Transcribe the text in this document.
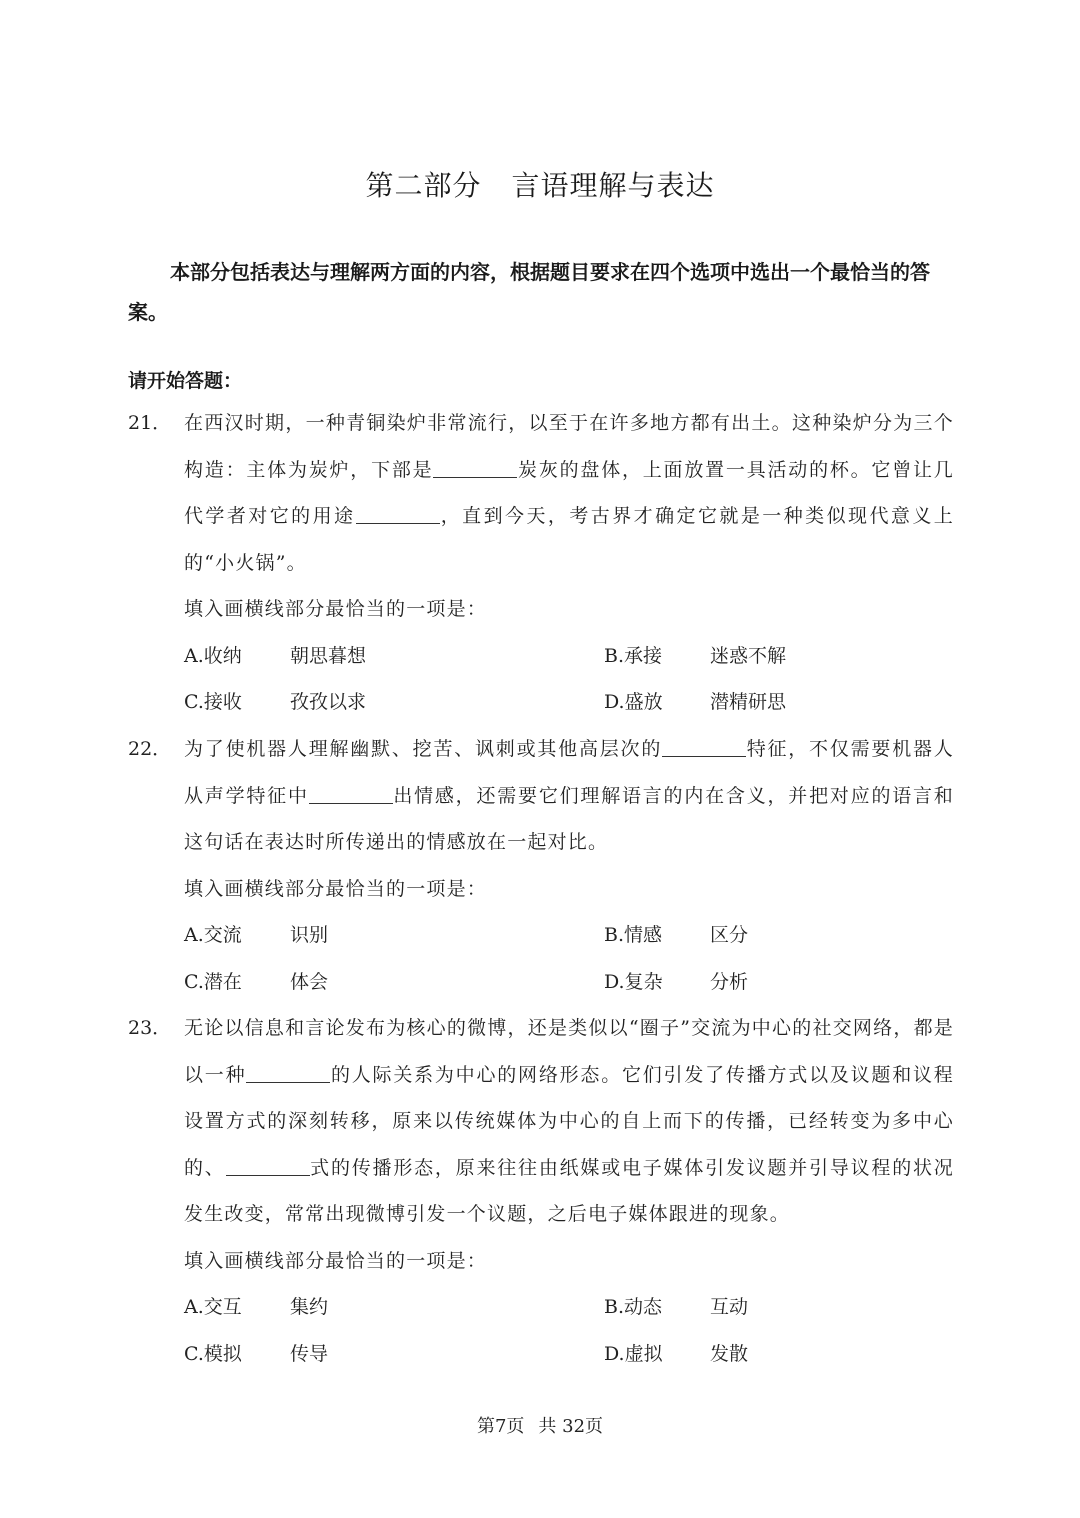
第二部分 言语理解与表达
本部分包括表达与理解两方面的内容，根据题目要求在四个选项中选出一个最恰当的答案。
请开始答题：
21． 在西汉时期，一种青铜染炉非常流行，以至于在许多地方都有出土。这种染炉分为三个构造：主体为炭炉，下部是	炭灰的盘体，上面放置一具活动的杯。它曾让几代学者对它的用途	，直到今天，考古界才确定它就是一种类似现代意义上的“小火锅”。
填入画横线部分最恰当的一项是：
A.收纳	朝思暮想	B.承接	迷惑不解
C.接收	孜孜以求	D.盛放 潜精研思
22． 为了使机器人理解幽默、挖苦、讽刺或其他高层次的	特征，不仅需要机器人从声学特征中	出情感，还需要它们理解语言的内在含义，并把对应的语言和这句话在表达时所传递出的情感放在一起对比。
填入画横线部分最恰当的一项是：
A.交流	识别	B.情感	区分
C.潜在	体会	D.复杂 分析
23． 无论以信息和言论发布为核心的微博，还是类似以“圈子”交流为中心的社交网络，都是以一种	的人际关系为中心的网络形态。它们引发了传播方式以及议题和议程设置方式的深刻转移，原来以传统媒体为中心的自上而下的传播，已经转变为多中心的、	式的传播形态，原来往往由纸媒或电子媒体引发议题并引导议程的状况发生改变，常常出现微博引发一个议题，之后电子媒体跟进的现象。
填入画横线部分最恰当的一项是：
A.交互	集约	B.动态	互动
C.模拟	传导	D.虚拟 发散
第7页 共 32页
